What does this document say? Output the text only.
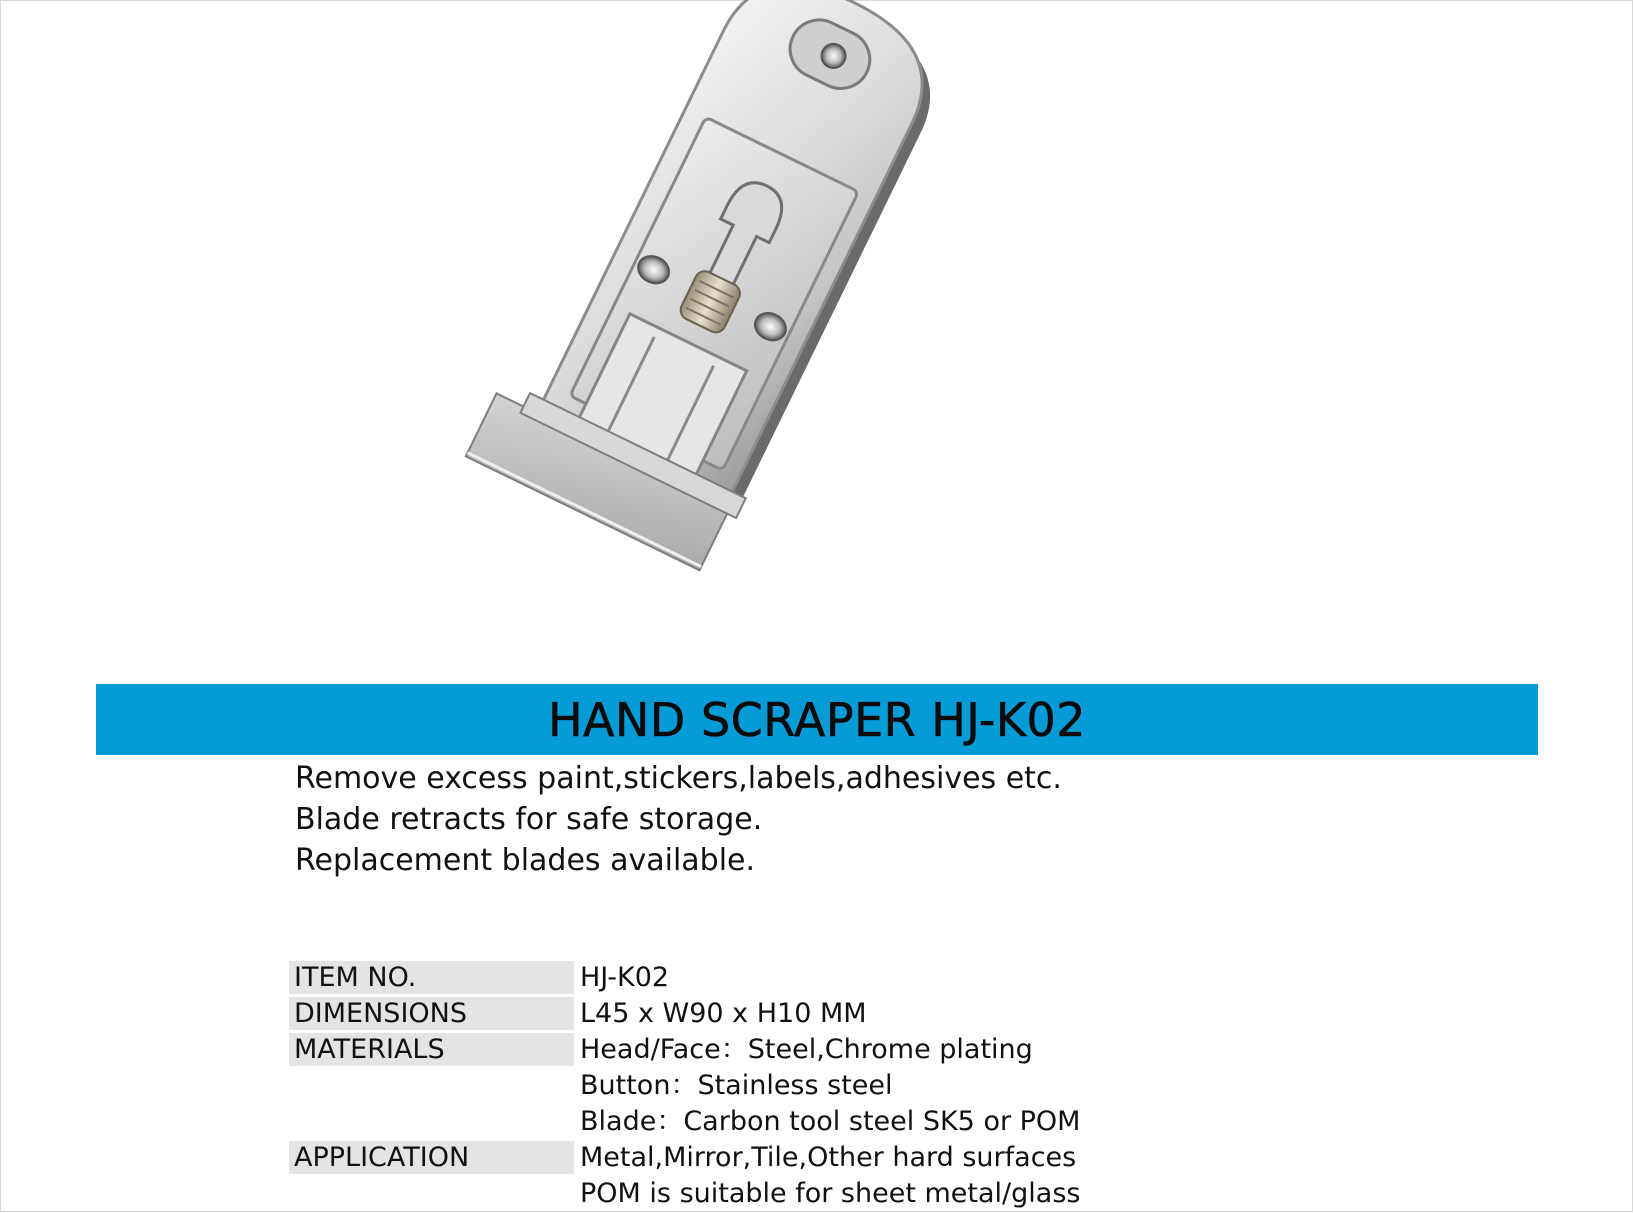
HAND SCRAPER HJ-K02
Remove excess paint,stickers,labels,adhesives etc.
Blade retracts for safe storage.
Replacement blades available.
ITEM NO.	HJ-K02
DIMENSIONS	L45 x W90 x H10 MM
MATERIALS	Head/Face：Steel,Chrome plating
Button：Stainless steel
Blade：Carbon tool steel SK5 or POM
APPLICATION	Metal,Mirror,Tile,Other hard surfaces
POM is suitable for sheet metal/glass
